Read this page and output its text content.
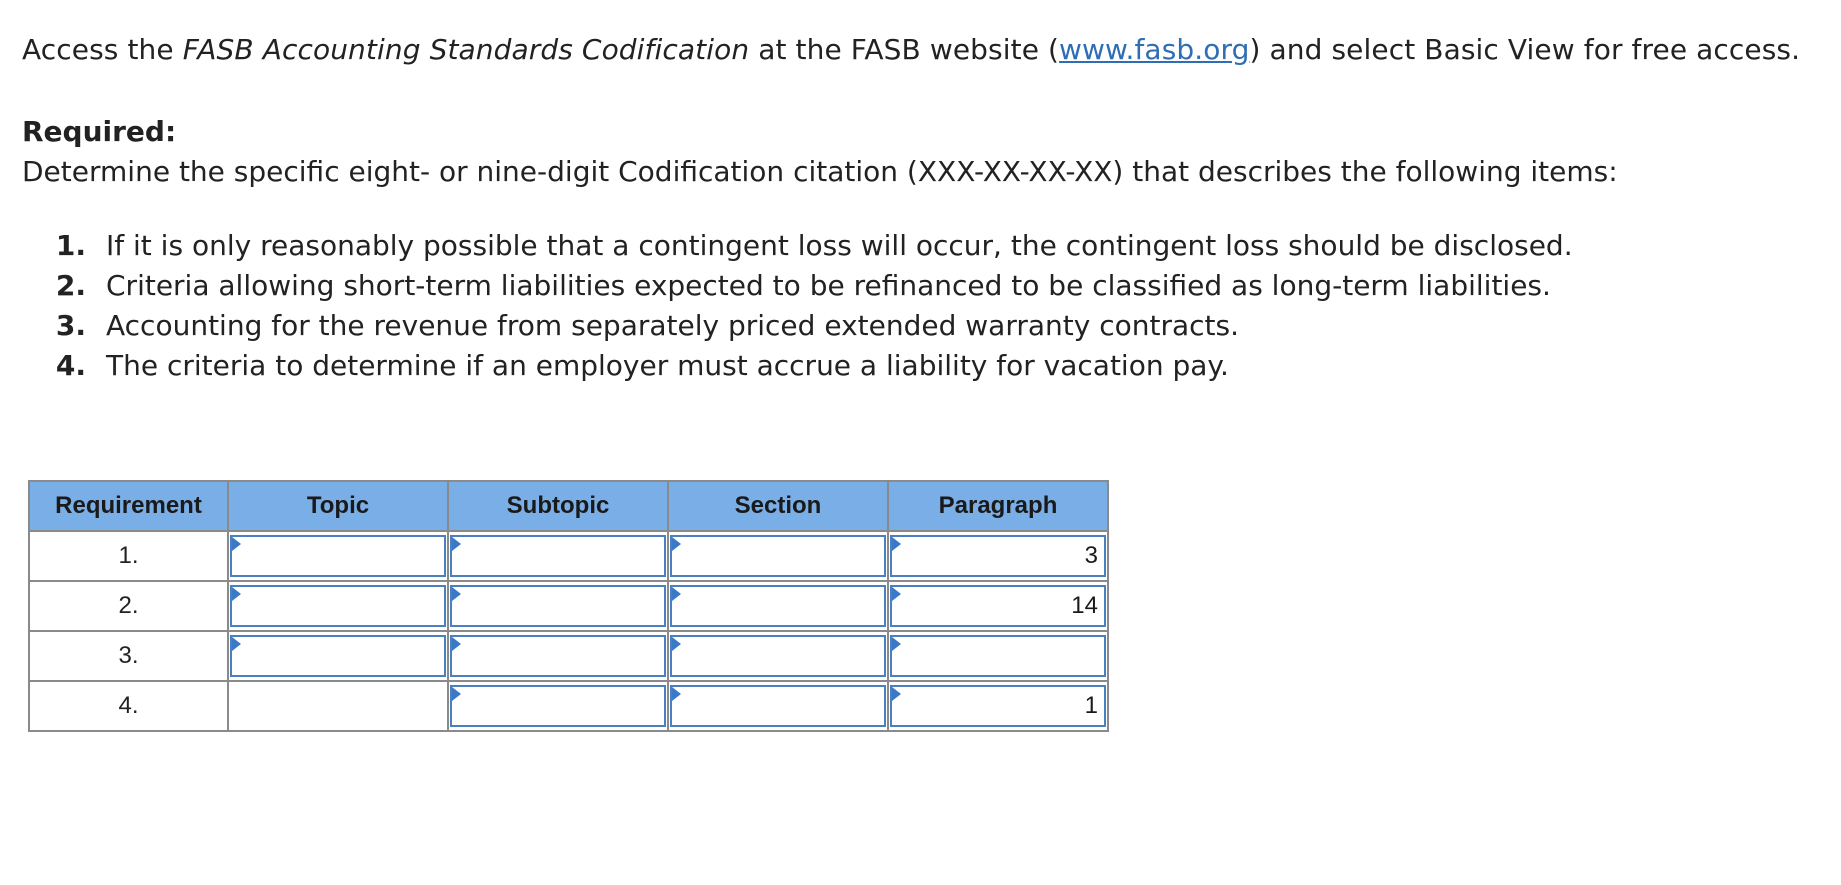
Access the FASB Accounting Standards Codification at the FASB website (www.fasb.org) and select Basic View for free access.

Required:

Determine the specific eight- or nine-digit Codification citation (XXX-XX-XX-XX) that describes the following items:

1. If it is only reasonably possible that a contingent loss will occur, the contingent loss should be disclosed.
2. Criteria allowing short-term liabilities expected to be refinanced to be classified as long-term liabilities.
3. Accounting for the revenue from separately priced extended warranty contracts.
4. The criteria to determine if an employer must accrue a liability for vacation pay.
Requirement	Topic	Subtopic	Section	Paragraph
1.				3

2.				14

3.	

4.				1
